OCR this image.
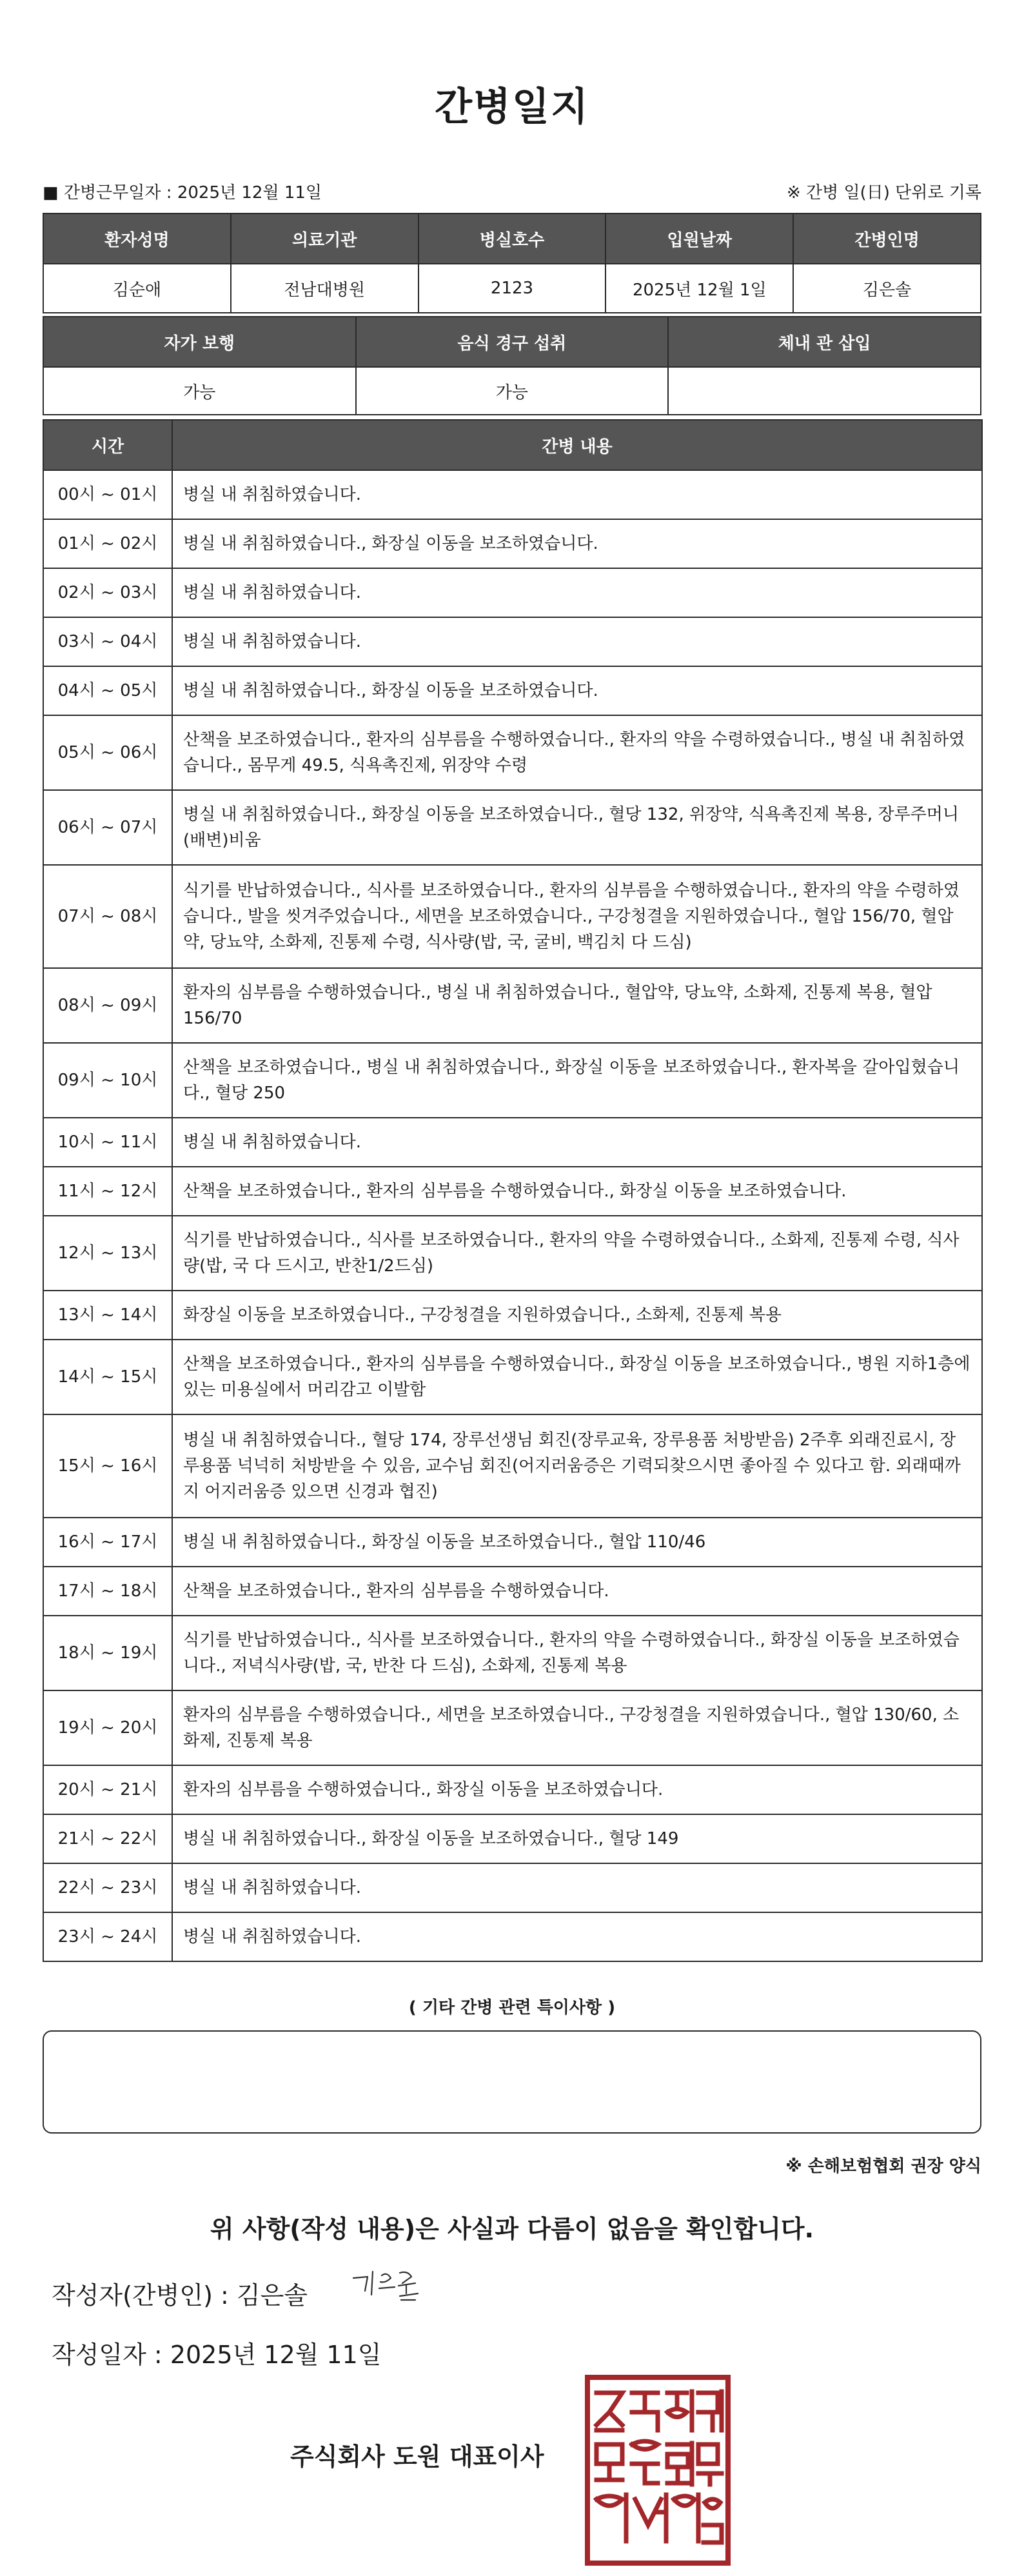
간병일지
■ 간병근무일자 : 2025년 12월 11일	※ 간병 일(日) 단위로 기록
환자성명	의료기관	병실호수	입원날짜	간병인명
김순애	전남대병원	2123	2025년 12월 1일	김은솔
자가 보행	음식 경구 섭취	체내 관 삽입
가능	가능	
시간	간병 내용
00시 ~ 01시	병실 내 취침하였습니다.
01시 ~ 02시	병실 내 취침하였습니다., 화장실 이동을 보조하였습니다.
02시 ~ 03시	병실 내 취침하였습니다.
03시 ~ 04시	병실 내 취침하였습니다.
04시 ~ 05시	병실 내 취침하였습니다., 화장실 이동을 보조하였습니다.
05시 ~ 06시	산책을 보조하였습니다., 환자의 심부름을 수행하였습니다., 환자의 약을 수령하였습니다., 병실 내 취침하였습니다., 몸무게 49.5, 식욕촉진제, 위장약 수령
06시 ~ 07시	병실 내 취침하였습니다., 화장실 이동을 보조하였습니다., 혈당 132, 위장약, 식욕촉진제 복용, 장루주머니(배변)비움
07시 ~ 08시	식기를 반납하였습니다., 식사를 보조하였습니다., 환자의 심부름을 수행하였습니다., 환자의 약을 수령하였습니다., 발을 씻겨주었습니다., 세면을 보조하였습니다., 구강청결을 지원하였습니다., 혈압 156/70, 혈압약, 당뇨약, 소화제, 진통제 수령, 식사량(밥, 국, 굴비, 백김치 다 드심)
08시 ~ 09시	환자의 심부름을 수행하였습니다., 병실 내 취침하였습니다., 혈압약, 당뇨약, 소화제, 진통제 복용, 혈압 156/70
09시 ~ 10시	산책을 보조하였습니다., 병실 내 취침하였습니다., 화장실 이동을 보조하였습니다., 환자복을 갈아입혔습니다., 혈당 250
10시 ~ 11시	병실 내 취침하였습니다.
11시 ~ 12시	산책을 보조하였습니다., 환자의 심부름을 수행하였습니다., 화장실 이동을 보조하였습니다.
12시 ~ 13시	식기를 반납하였습니다., 식사를 보조하였습니다., 환자의 약을 수령하였습니다., 소화제, 진통제 수령, 식사량(밥, 국 다 드시고, 반찬1/2드심)
13시 ~ 14시	화장실 이동을 보조하였습니다., 구강청결을 지원하였습니다., 소화제, 진통제 복용
14시 ~ 15시	산책을 보조하였습니다., 환자의 심부름을 수행하였습니다., 화장실 이동을 보조하였습니다., 병원 지하1층에 있는 미용실에서 머리감고 이발함
15시 ~ 16시	병실 내 취침하였습니다., 혈당 174, 장루선생님 회진(장루교육, 장루용품 처방받음) 2주후 외래진료시, 장루용품 넉넉히 처방받을 수 있음, 교수님 회진(어지러움증은 기력되찾으시면 좋아질 수 있다고 함. 외래때까지 어지러움증 있으면 신경과 협진)
16시 ~ 17시	병실 내 취침하였습니다., 화장실 이동을 보조하였습니다., 혈압 110/46
17시 ~ 18시	산책을 보조하였습니다., 환자의 심부름을 수행하였습니다.
18시 ~ 19시	식기를 반납하였습니다., 식사를 보조하였습니다., 환자의 약을 수령하였습니다., 화장실 이동을 보조하였습니다., 저녁식사량(밥, 국, 반찬 다 드심), 소화제, 진통제 복용
19시 ~ 20시	환자의 심부름을 수행하였습니다., 세면을 보조하였습니다., 구강청결을 지원하였습니다., 혈압 130/60, 소화제, 진통제 복용
20시 ~ 21시	환자의 심부름을 수행하였습니다., 화장실 이동을 보조하였습니다.
21시 ~ 22시	병실 내 취침하였습니다., 화장실 이동을 보조하였습니다., 혈당 149
22시 ~ 23시	병실 내 취침하였습니다.
23시 ~ 24시	병실 내 취침하였습니다.
( 기타 간병 관련 특이사항 )
※ 손해보험협회 권장 양식
위 사항(작성 내용)은 사실과 다름이 없음을 확인합니다.
작성자(간병인) : 김은솔
작성일자 : 2025년 12월 11일
주식회사 도원 대표이사
